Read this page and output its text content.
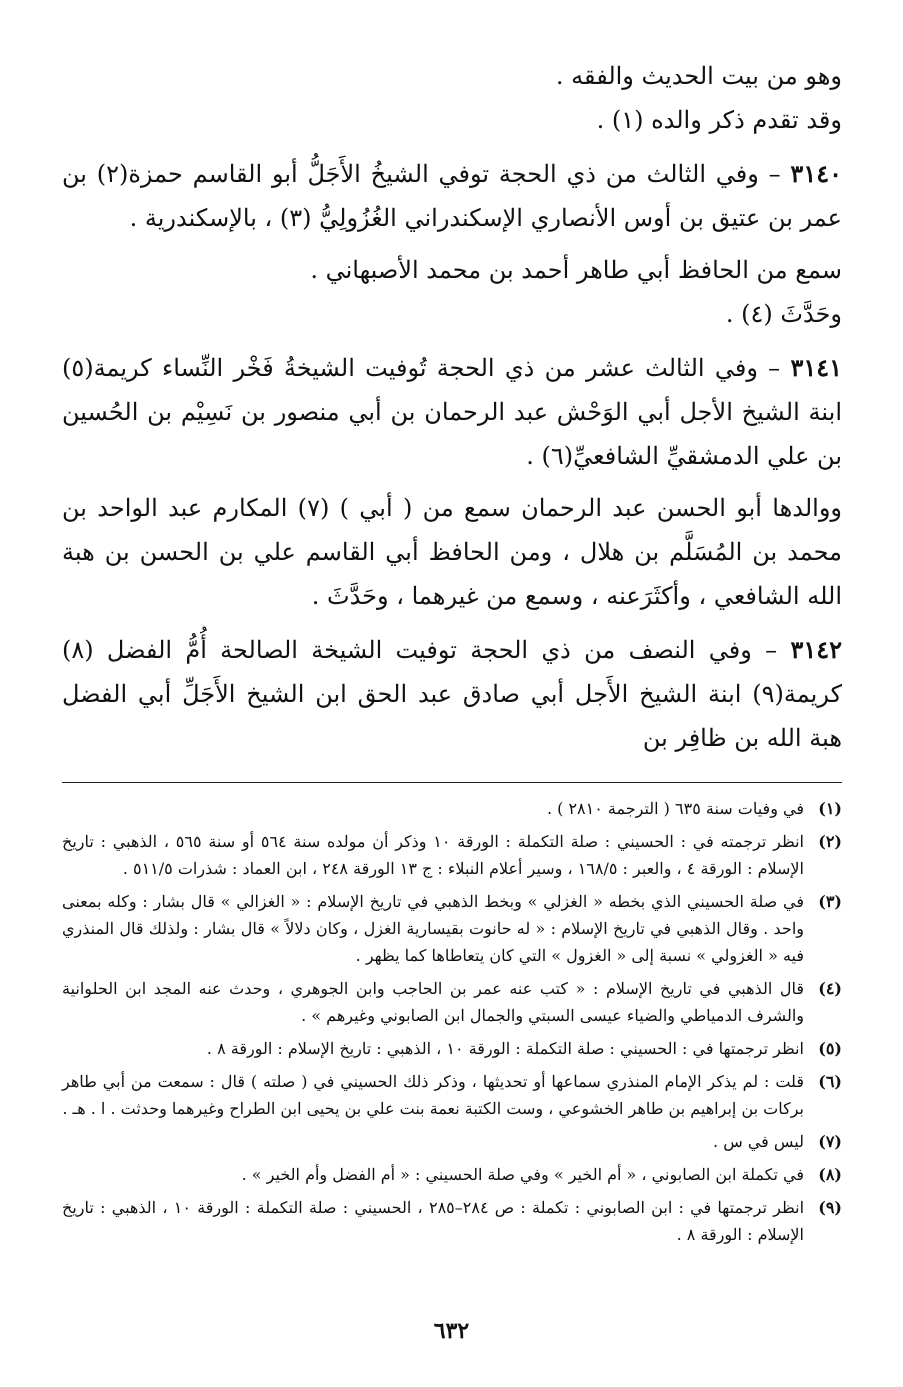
وهو من بيت الحديث والفقه .

وقد تقدم ذكر والده (١) .

٣١٤٠ – وفي الثالث من ذي الحجة توفي الشيخُ الأَجَلُّ أبو القاسم حمزة(٢) بن عمر بن عتيق بن أوس الأنصاري الإسكندراني الغُزُولِيُّ (٣) ، بالإسكندرية .

سمع من الحافظ أبي طاهر أحمد بن محمد الأصبهاني .

وحَدَّثَ (٤) .

٣١٤١ – وفي الثالث عشر من ذي الحجة تُوفيت الشيخةُ فَخْر النِّساء كريمة(٥) ابنة الشيخ الأجل أبي الوَحْش عبد الرحمان بن أبي منصور بن نَسِيْم بن الحُسين بن علي الدمشقيِّ الشافعيِّ(٦) .

ووالدها أبو الحسن عبد الرحمان سمع من ( أبي ) (٧) المكارم عبد الواحد بن محمد بن المُسَلَّم بن هلال ، ومن الحافظ أبي القاسم علي بن الحسن بن هبة الله الشافعي ، وأكثَرَعنه ، وسمع من غيرهما ، وحَدَّثَ .

٣١٤٢ – وفي النصف من ذي الحجة توفيت الشيخة الصالحة أُمُّ الفضل (٨) كريمة(٩) ابنة الشيخ الأَجل أبي صادق عبد الحق ابن الشيخ الأَجَلِّ أبي الفضل هبة الله بن ظافِر بن

(١)
في وفيات سنة ٦٣٥ ( الترجمة ٢٨١٠ ) .
(٢)
انظر ترجمته في : الحسيني : صلة التكملة : الورقة ١٠ وذكر أن مولده سنة ٥٦٤ أو سنة ٥٦٥ ، الذهبي : تاريخ الإسلام : الورقة ٤ ، والعبر : ١٦٨/٥ ، وسير أعلام النبلاء : ج ١٣ الورقة ٢٤٨ ، ابن العماد : شذرات ٥١١/٥ .
(٣)
في صلة الحسيني الذي بخطه « الغزلي » وبخط الذهبي في تاريخ الإسلام : « الغزالي » قال بشار : وكله بمعنى واحد . وقال الذهبي في تاريخ الإسلام : « له حانوت بقيسارية الغزل ، وكان دلالاً » قال بشار : ولذلك قال المنذري فيه « الغزولي » نسبة إلى « الغزول » التي كان يتعاطاها كما يظهر .
(٤)
قال الذهبي في تاريخ الإسلام : « كتب عنه عمر بن الحاجب وابن الجوهري ، وحدث عنه المجد ابن الحلوانية والشرف الدمياطي والضياء عيسى السبتي والجمال ابن الصابوني وغيرهم » .
(٥)
انظر ترجمتها في : الحسيني : صلة التكملة : الورقة ١٠ ، الذهبي : تاريخ الإسلام : الورقة ٨ .
(٦)
قلت : لم يذكر الإمام المنذري سماعها أو تحديثها ، وذكر ذلك الحسيني في ( صلته ) قال : سمعت من أبي طاهر بركات بن إبراهيم بن طاهر الخشوعي ، وست الكتبة نعمة بنت علي بن يحيى ابن الطراح وغيرهما وحدثت . ا . هـ .
(٧)
ليس في س .
(٨)
في تكملة ابن الصابوني ، « أم الخير » وفي صلة الحسيني : « أم الفضل وأم الخير » .
(٩)
انظر ترجمتها في : ابن الصابوني : تكملة : ص ٢٨٤–٢٨٥ ، الحسيني : صلة التكملة : الورقة ١٠ ، الذهبي : تاريخ الإسلام : الورقة ٨ .
٦٣٢
